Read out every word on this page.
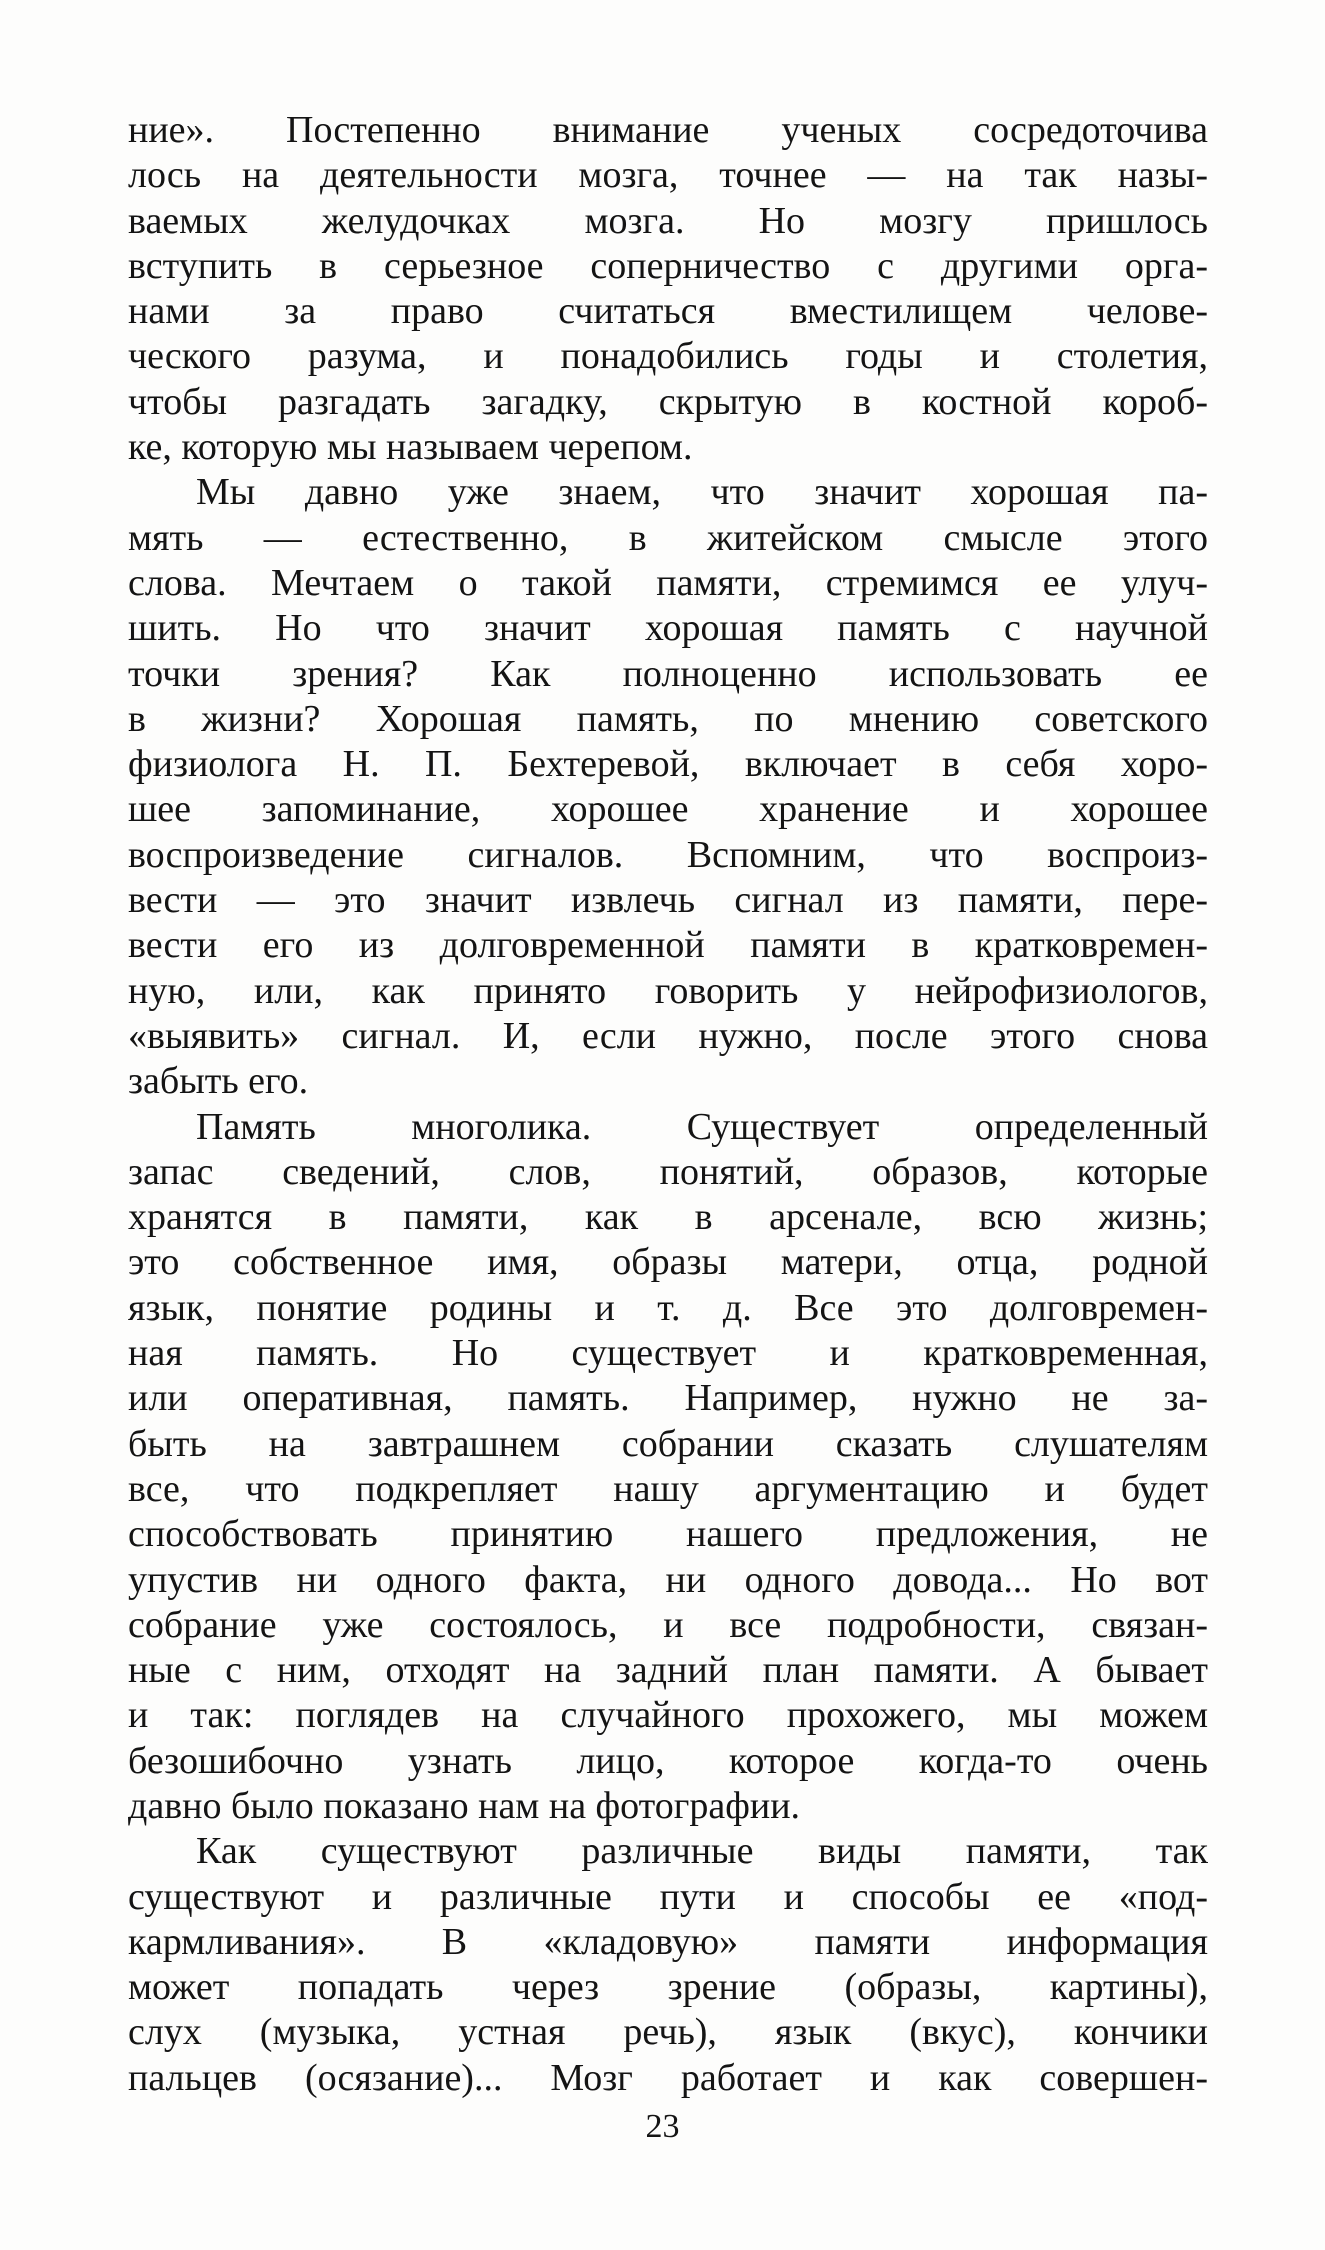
ние». Постепенно внимание ученых сосредоточива
лось на деятельности мозга, точнее — на так назы-
ваемых желудочках мозга. Но мозгу пришлось
вступить в серьезное соперничество с другими орга-
нами за право считаться вместилищем челове-
ческого разума, и понадобились годы и столетия,
чтобы разгадать загадку, скрытую в костной короб-
ке, которую мы называем черепом.
Мы давно уже знаем, что значит хорошая па-
мять — естественно, в житейском смысле этого
слова. Мечтаем о такой памяти, стремимся ее улуч-
шить. Но что значит хорошая память с научной
точки зрения? Как полноценно использовать ее
в жизни? Хорошая память, по мнению советского
физиолога Н. П. Бехтеревой, включает в себя хоро-
шее запоминание, хорошее хранение и хорошее
воспроизведение сигналов. Вспомним, что воспроиз-
вести — это значит извлечь сигнал из памяти, пере-
вести его из долговременной памяти в кратковремен-
ную, или, как принято говорить у нейрофизиологов,
«выявить» сигнал. И, если нужно, после этого снова
забыть его.
Память многолика. Существует определенный
запас сведений, слов, понятий, образов, которые
хранятся в памяти, как в арсенале, всю жизнь;
это собственное имя, образы матери, отца, родной
язык, понятие родины и т. д. Все это долговремен-
ная память. Но существует и кратковременная,
или оперативная, память. Например, нужно не за-
быть на завтрашнем собрании сказать слушателям
все, что подкрепляет нашу аргументацию и будет
способствовать принятию нашего предложения, не
упустив ни одного факта, ни одного довода... Но вот
собрание уже состоялось, и все подробности, связан-
ные с ним, отходят на задний план памяти. А бывает
и так: поглядев на случайного прохожего, мы можем
безошибочно узнать лицо, которое когда-то очень
давно было показано нам на фотографии.
Как существуют различные виды памяти, так
существуют и различные пути и способы ее «под-
кармливания». В «кладовую» памяти информация
может попадать через зрение (образы, картины),
слух (музыка, устная речь), язык (вкус), кончики
пальцев (осязание)... Мозг работает и как совершен-
23
